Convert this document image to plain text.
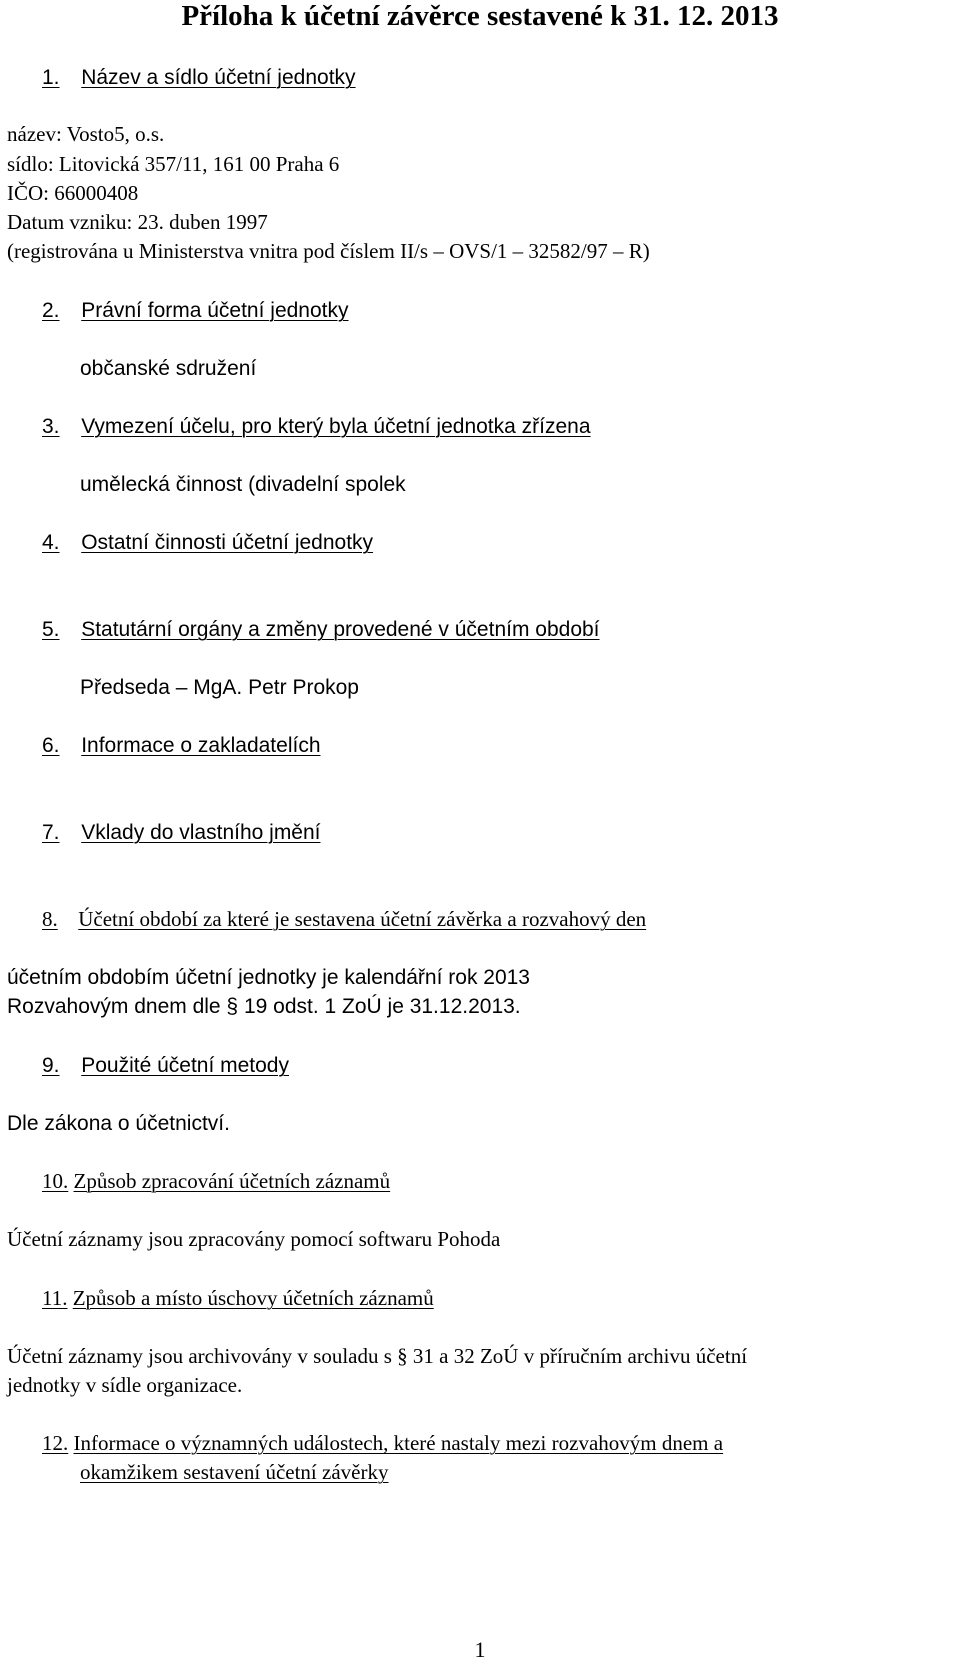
Příloha k účetní závěrce sestavené k 31. 12. 2013
1. Název a sídlo účetní jednotky
název: Vosto5, o.s.
sídlo: Litovická 357/11, 161 00 Praha 6
IČO: 66000408
Datum vzniku: 23. duben 1997
(registrována u Ministerstva vnitra pod číslem II/s – OVS/1 – 32582/97 – R)
2. Právní forma účetní jednotky
občanské sdružení
3. Vymezení účelu, pro který byla účetní jednotka zřízena
umělecká činnost (divadelní spolek
4. Ostatní činnosti účetní jednotky
5. Statutární orgány a změny provedené v účetním období
Předseda – MgA. Petr Prokop
6. Informace o zakladatelích
7. Vklady do vlastního jmění
8. Účetní období za které je sestavena účetní závěrka a rozvahový den
účetním obdobím účetní jednotky je kalendářní rok 2013
Rozvahovým dnem dle § 19 odst. 1 ZoÚ je 31.12.2013.
9. Použité účetní metody
Dle zákona o účetnictví.
10. Způsob zpracování účetních záznamů
Účetní záznamy jsou zpracovány pomocí softwaru Pohoda
11. Způsob a místo úschovy účetních záznamů
Účetní záznamy jsou archivovány v souladu s § 31 a 32 ZoÚ v příručním archivu účetní
jednotky v sídle organizace.
12. Informace o významných událostech, které nastaly mezi rozvahovým dnem a
okamžikem sestavení účetní závěrky
1
